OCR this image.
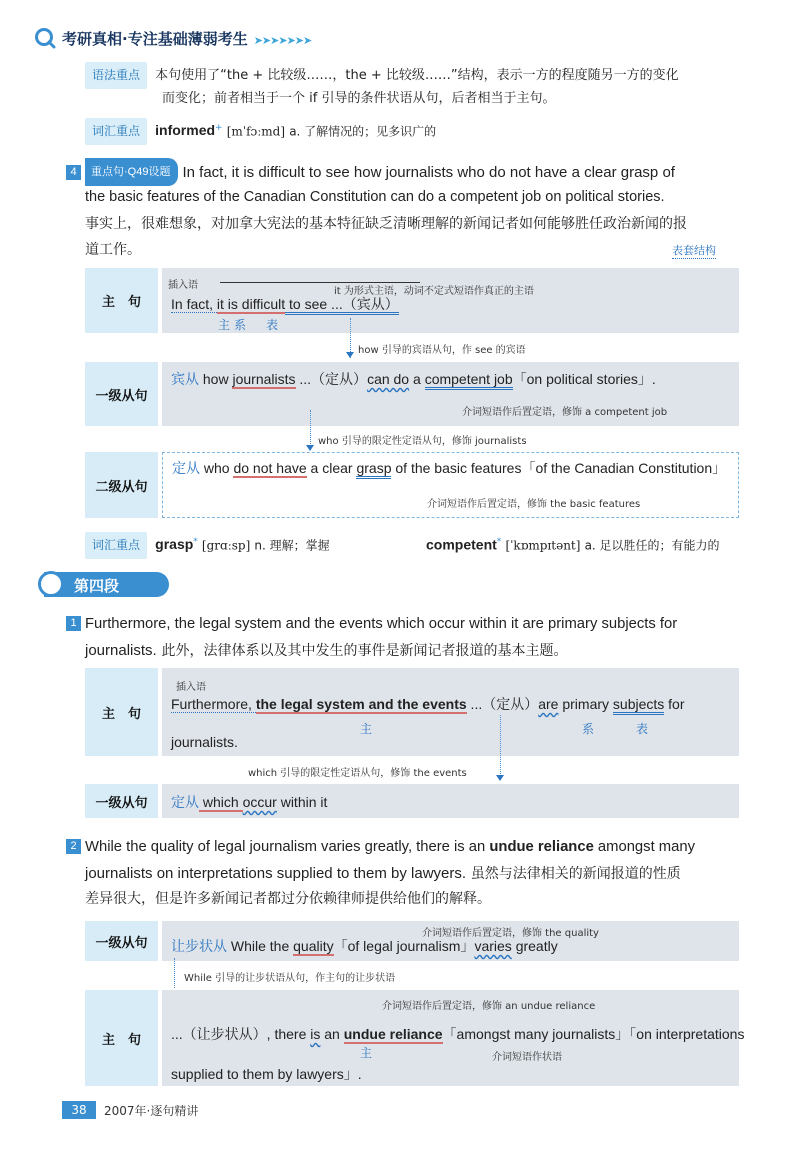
考研真相·专注基础薄弱考生 ➤➤➤➤➤➤➤
语法重点 本句使用了“the + 比较级……，the + 比较级……”结构，表示一方的程度随另一方的变化
而变化；前者相当于一个 if 引导的条件状语从句，后者相当于主句。
词汇重点 informed+ [mˈfɔːmd] a. 了解情况的；见多识广的
4 重点句·Q49设题 In fact, it is difficult to see how journalists who do not have a clear grasp of
the basic features of the Canadian Constitution can do a competent job on political stories.
事实上，很难想象，对加拿大宪法的基本特征缺乏清晰理解的新闻记者如何能够胜任政治新闻的报
道工作。	表套结构
主　句
插入语
it 为形式主语，动词不定式短语作真正的主语
In fact, it is difficult to see ...（宾从）
主系　表
how 引导的宾语从句，作 see 的宾语
一级从句
宾从 how journalists ...（定从）can do a competent job「on political stories」.
介词短语作后置定语，修饰 a competent job
who 引导的限定性定语从句，修饰 journalists
二级从句
定从 who do not have a clear grasp of the basic features「of the Canadian Constitution」
介词短语作后置定语，修饰 the basic features
词汇重点 grasp* [grɑːsp] n. 理解；掌握	competent* [ˈkɒmpɪtənt] a. 足以胜任的；有能力的
第四段
1 Furthermore, the legal system and the events which occur within it are primary subjects for
journalists. 此外，法律体系以及其中发生的事件是新闻记者报道的基本主题。
主　句
插入语
Furthermore, the legal system and the events ...（定从）are primary subjects for
主	系	表
journalists.
which 引导的限定性定语从句，修饰 the events
一级从句	定从 which occur within it
2 While the quality of legal journalism varies greatly, there is an undue reliance amongst many
journalists on interpretations supplied to them by lawyers. 虽然与法律相关的新闻报道的性质
差异很大，但是许多新闻记者都过分依赖律师提供给他们的解释。
一级从句
介词短语作后置定语，修饰 the quality
让步状从 While the quality「of legal journalism」varies greatly
While 引导的让步状语从句，作主句的让步状语
主　句
介词短语作后置定语，修饰 an undue reliance
...（让步状从）, there is an undue reliance「amongst many journalists」「on interpretations
主	介词短语作状语
supplied to them by lawyers」.
38	2007年·逐句精讲
